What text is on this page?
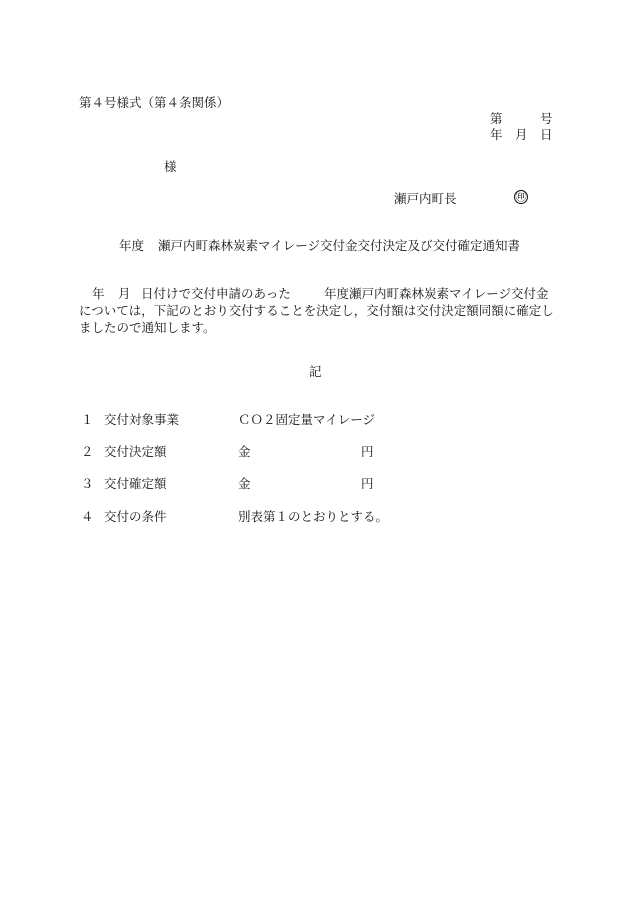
第４号様式（第４条関係）
第	号
年 月 日
様
瀬戸内町長	㊞
年度 瀬戸内町森林炭素マイレージ交付金交付決定及び交付確定通知書
年 月 日付けで交付申請のあった	年度瀬戸内町森林炭素マイレージ交付金
については，下記のとおり交付することを決定し，交付額は交付決定額同額に確定し
ましたので通知します。
記
１ 交付対象事業	ＣＯ２固定量マイレージ
２ 交付決定額	金	円
３ 交付確定額	金	円
４ 交付の条件	別表第１のとおりとする。
